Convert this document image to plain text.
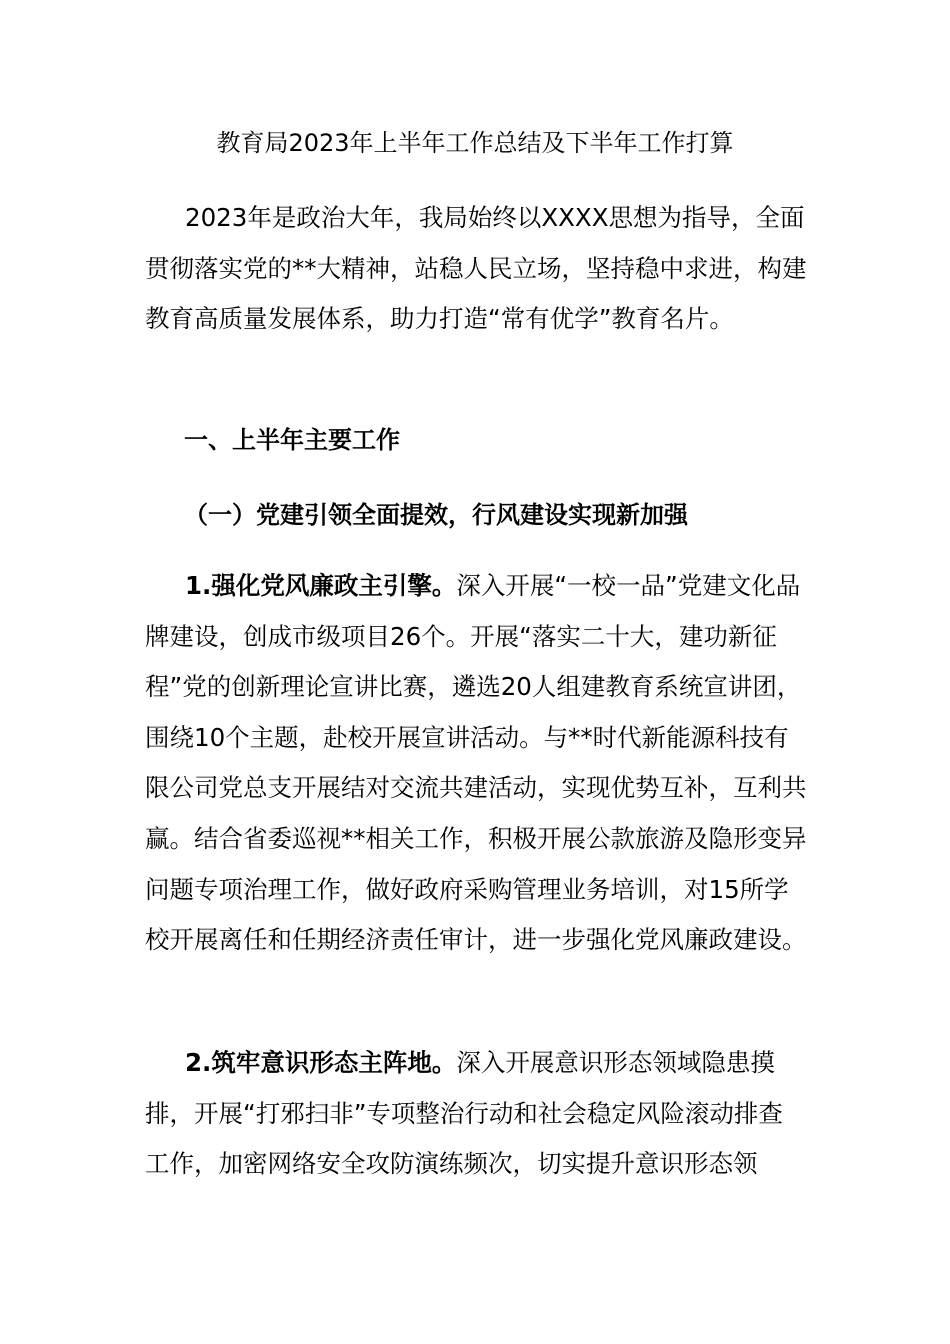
教育局2023年上半年工作总结及下半年工作打算

2023年是政治大年，我局始终以XXXX思想为指导，全面贯彻落实党的**大精神，站稳人民立场，坚持稳中求进，构建教育高质量发展体系，助力打造“常有优学”教育名片。

一、上半年主要工作
（一）党建引领全面提效，行风建设实现新加强

1.强化党风廉政主引擎。深入开展“一校一品”党建文化品牌建设，创成市级项目26个。开展“落实二十大，建功新征程”党的创新理论宣讲比赛，遴选20人组建教育系统宣讲团，围绕10个主题，赴校开展宣讲活动。与**时代新能源科技有限公司党总支开展结对交流共建活动，实现优势互补，互利共赢。结合省委巡视**相关工作，积极开展公款旅游及隐形变异问题专项治理工作，做好政府采购管理业务培训，对15所学校开展离任和任期经济责任审计，进一步强化党风廉政建设。

2.筑牢意识形态主阵地。深入开展意识形态领域隐患摸排，开展“打邪扫非”专项整治行动和社会稳定风险滚动排查工作，加密网络安全攻防演练频次，切实提升意识形态领
